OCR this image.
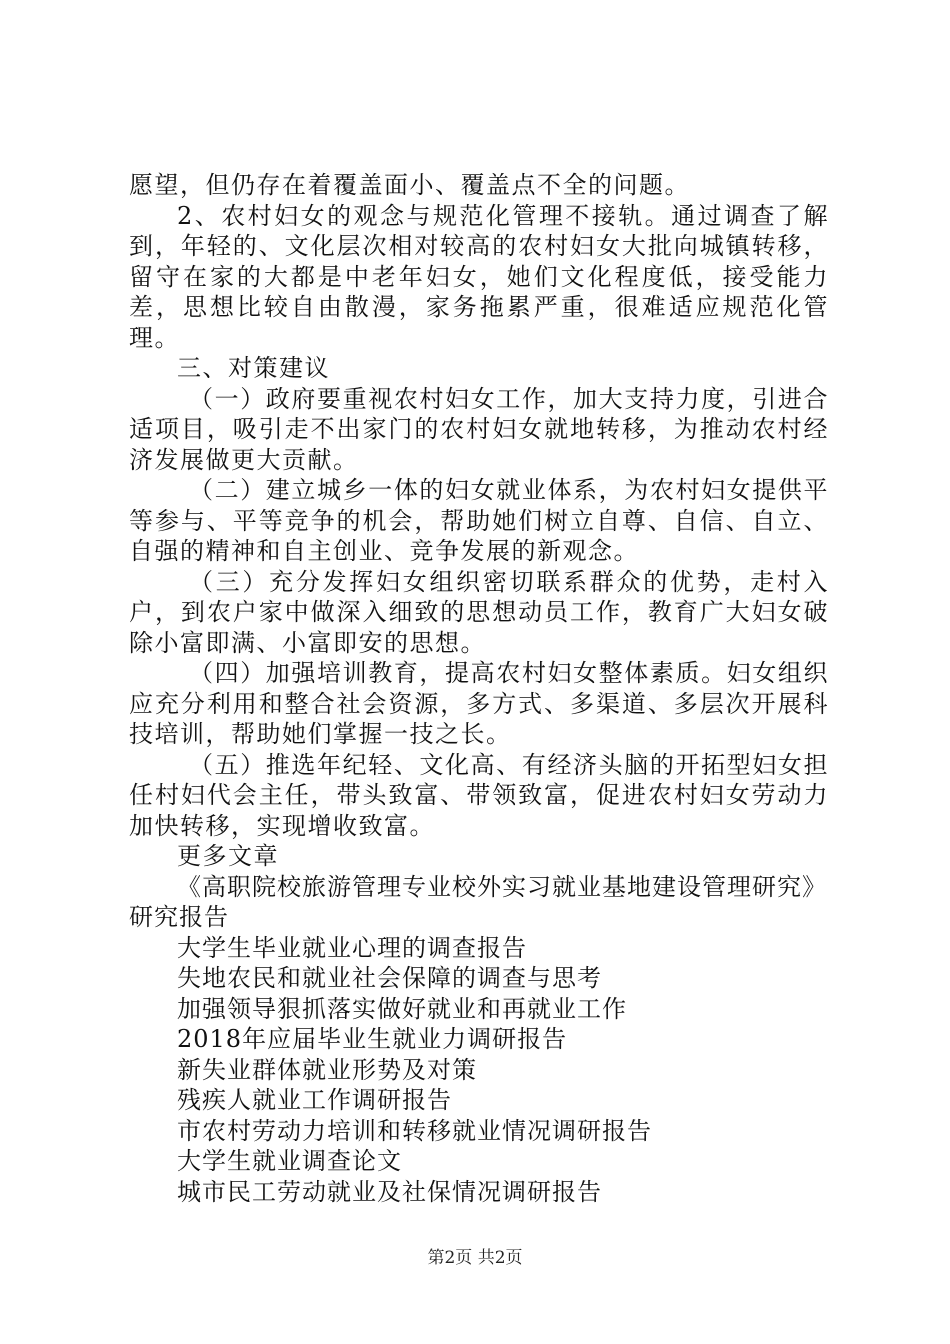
愿望，但仍存在着覆盖面小、覆盖点不全的问题。

2、农村妇女的观念与规范化管理不接轨。通过调查了解到，年轻的、文化层次相对较高的农村妇女大批向城镇转移，留守在家的大都是中老年妇女，她们文化程度低，接受能力差，思想比较自由散漫，家务拖累严重，很难适应规范化管理。

三、对策建议

（一）政府要重视农村妇女工作，加大支持力度，引进合适项目，吸引走不出家门的农村妇女就地转移，为推动农村经济发展做更大贡献。

（二）建立城乡一体的妇女就业体系，为农村妇女提供平等参与、平等竞争的机会，帮助她们树立自尊、自信、自立、自强的精神和自主创业、竞争发展的新观念。

（三）充分发挥妇女组织密切联系群众的优势，走村入户，到农户家中做深入细致的思想动员工作，教育广大妇女破除小富即满、小富即安的思想。

（四）加强培训教育，提高农村妇女整体素质。妇女组织应充分利用和整合社会资源，多方式、多渠道、多层次开展科技培训，帮助她们掌握一技之长。

（五）推选年纪轻、文化高、有经济头脑的开拓型妇女担任村妇代会主任，带头致富、带领致富，促进农村妇女劳动力加快转移，实现增收致富。

更多文章

《高职院校旅游管理专业校外实习就业基地建设管理研究》研究报告
大学生毕业就业心理的调查报告
失地农民和就业社会保障的调查与思考
加强领导狠抓落实做好就业和再就业工作
2018年应届毕业生就业力调研报告
新失业群体就业形势及对策
残疾人就业工作调研报告
市农村劳动力培训和转移就业情况调研报告
大学生就业调查论文
城市民工劳动就业及社保情况调研报告
第2页 共2页
